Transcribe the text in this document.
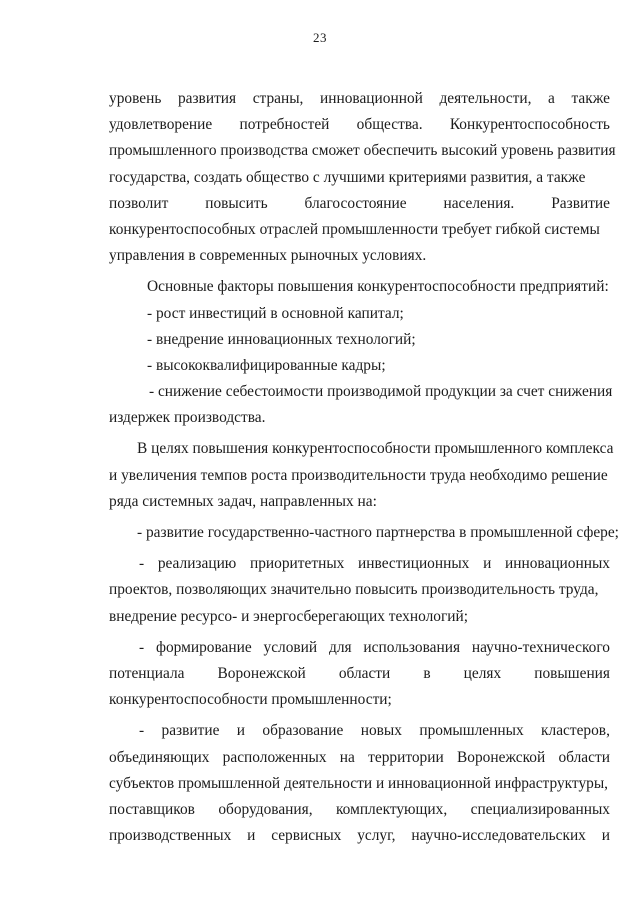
23
уровень развития страны, инновационной деятельности, а также
удовлетворение потребностей общества. Конкурентоспособность
промышленного производства сможет обеспечить высокий уровень развития
государства, создать общество с лучшими критериями развития, а также
позволит повысить благосостояние населения. Развитие
конкурентоспособных отраслей промышленности требует гибкой системы
управления в современных рыночных условиях.
Основные факторы повышения конкурентоспособности предприятий:
- рост инвестиций в основной капитал;
- внедрение инновационных технологий;
- высококвалифицированные кадры;
- снижение себестоимости производимой продукции за счет снижения
издержек производства.
В целях повышения конкурентоспособности промышленного комплекса
и увеличения темпов роста производительности труда необходимо решение
ряда системных задач, направленных на:
- развитие государственно-частного партнерства в промышленной сфере;
- реализацию приоритетных инвестиционных и инновационных
проектов, позволяющих значительно повысить производительность труда,
внедрение ресурсо- и энергосберегающих технологий;
- формирование условий для использования научно-технического
потенциала Воронежской области в целях повышения
конкурентоспособности промышленности;
- развитие и образование новых промышленных кластеров,
объединяющих расположенных на территории Воронежской области
субъектов промышленной деятельности и инновационной инфраструктуры,
поставщиков оборудования, комплектующих, специализированных
производственных и сервисных услуг, научно-исследовательских и
